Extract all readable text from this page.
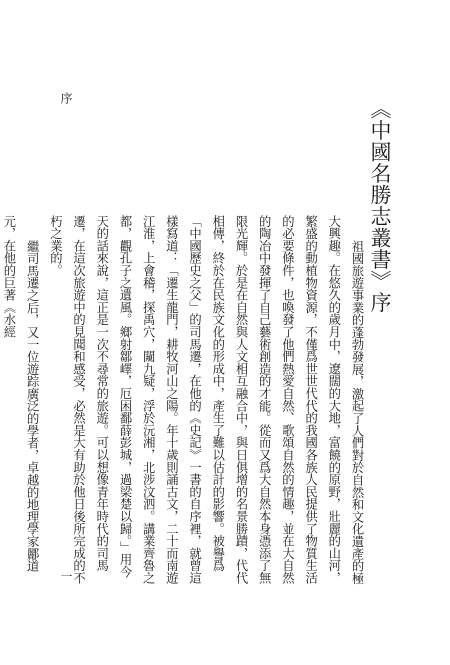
《中國名勝志叢書》序

祖國旅遊事業的蓬勃發展，激起了人們對於自然和文化遺產的極大興趣。在悠久的歲月中，遼闊的大地，富饒的原野，壯麗的山河，繁盛的動植物資源，不僅爲世世代代的我國各族人民提供了物質生活的必要條件，也喚發了他們熱愛自然、歌頌自然的情趣，並在大自然的陶冶中發揮了自己藝術創造的才能。從而又爲大自然本身憑添了無限光輝。於是在自然與人文相互融合中，與日俱增的名景勝蹟，代代相傳，終於在民族文化的形成中，產生了難以估計的影響。被譽爲「中國歷史之父」的司馬遷，在他的《史記》一書的自序裡，就曾這樣寫道：「遷生龍門，耕牧河山之陽。年十歲則誦古文，二十而南遊江淮，上會稽，探禹穴，闚九疑，浮於沅湘，北涉汶泗。講業齊魯之都，觀孔子之遺風。鄉射鄒嶧，厄困鄱薛彭城，過梁楚以歸。」用今天的話來說，這正是一次不尋常的旅遊。可以想像青年時代的司馬遷，在這次旅遊中的見聞和感受，必然是大有助於他日後所完成的不朽之業的。

繼司馬遷之后，又一位遊踪廣泛的學者，卓越的地理學家酈道元，在他的巨著《水經

序
一
